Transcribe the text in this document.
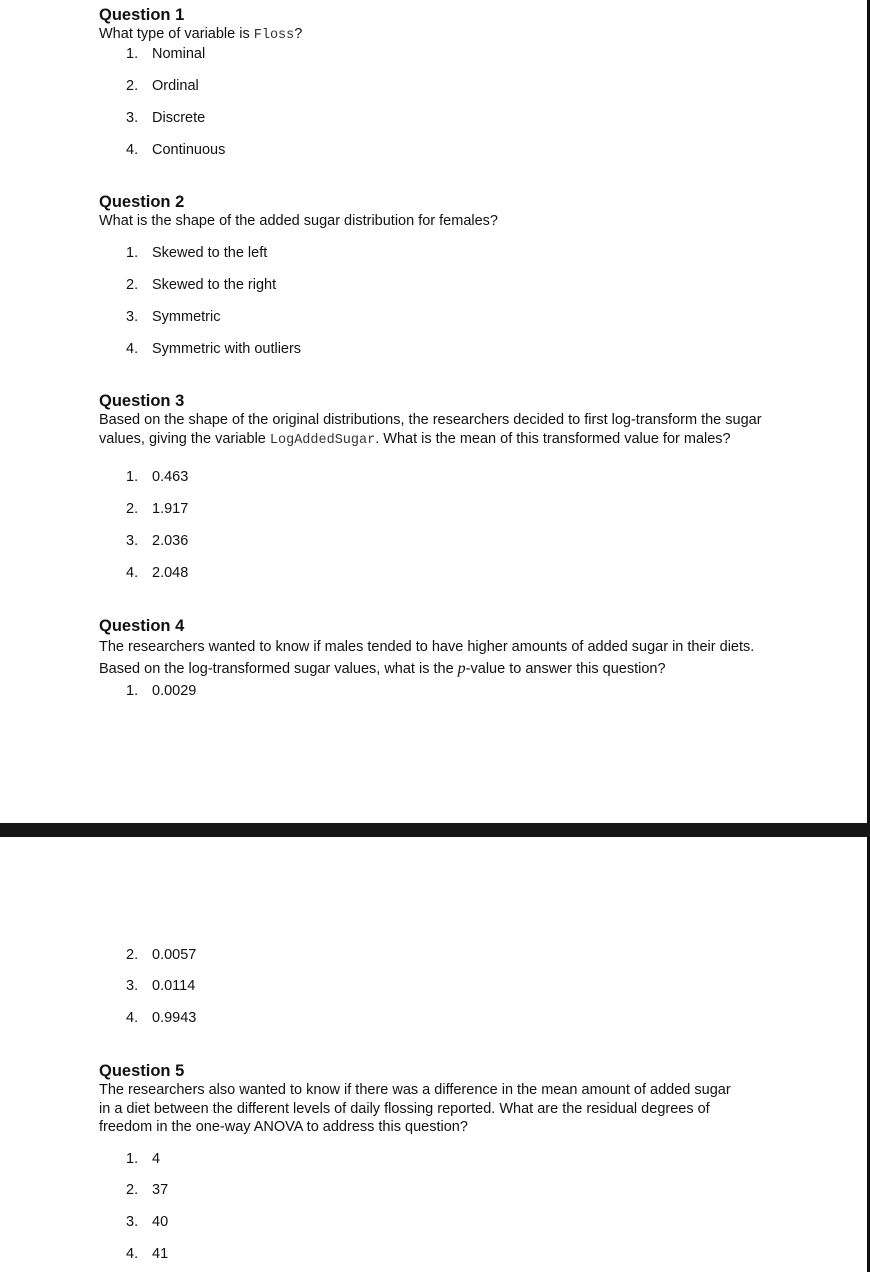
Question 1
What type of variable is Floss?
1. Nominal
2. Ordinal
3. Discrete
4. Continuous
Question 2
What is the shape of the added sugar distribution for females?
1. Skewed to the left
2. Skewed to the right
3. Symmetric
4. Symmetric with outliers
Question 3
Based on the shape of the original distributions, the researchers decided to first log-transform the sugar values, giving the variable LogAddedSugar. What is the mean of this transformed value for males?
1. 0.463
2. 1.917
3. 2.036
4. 2.048
Question 4
The researchers wanted to know if males tended to have higher amounts of added sugar in their diets. Based on the log-transformed sugar values, what is the p-value to answer this question?
1. 0.0029
2. 0.0057
3. 0.0114
4. 0.9943
Question 5
The researchers also wanted to know if there was a difference in the mean amount of added sugar in a diet between the different levels of daily flossing reported. What are the residual degrees of freedom in the one-way ANOVA to address this question?
1. 4
2. 37
3. 40
4. 41
